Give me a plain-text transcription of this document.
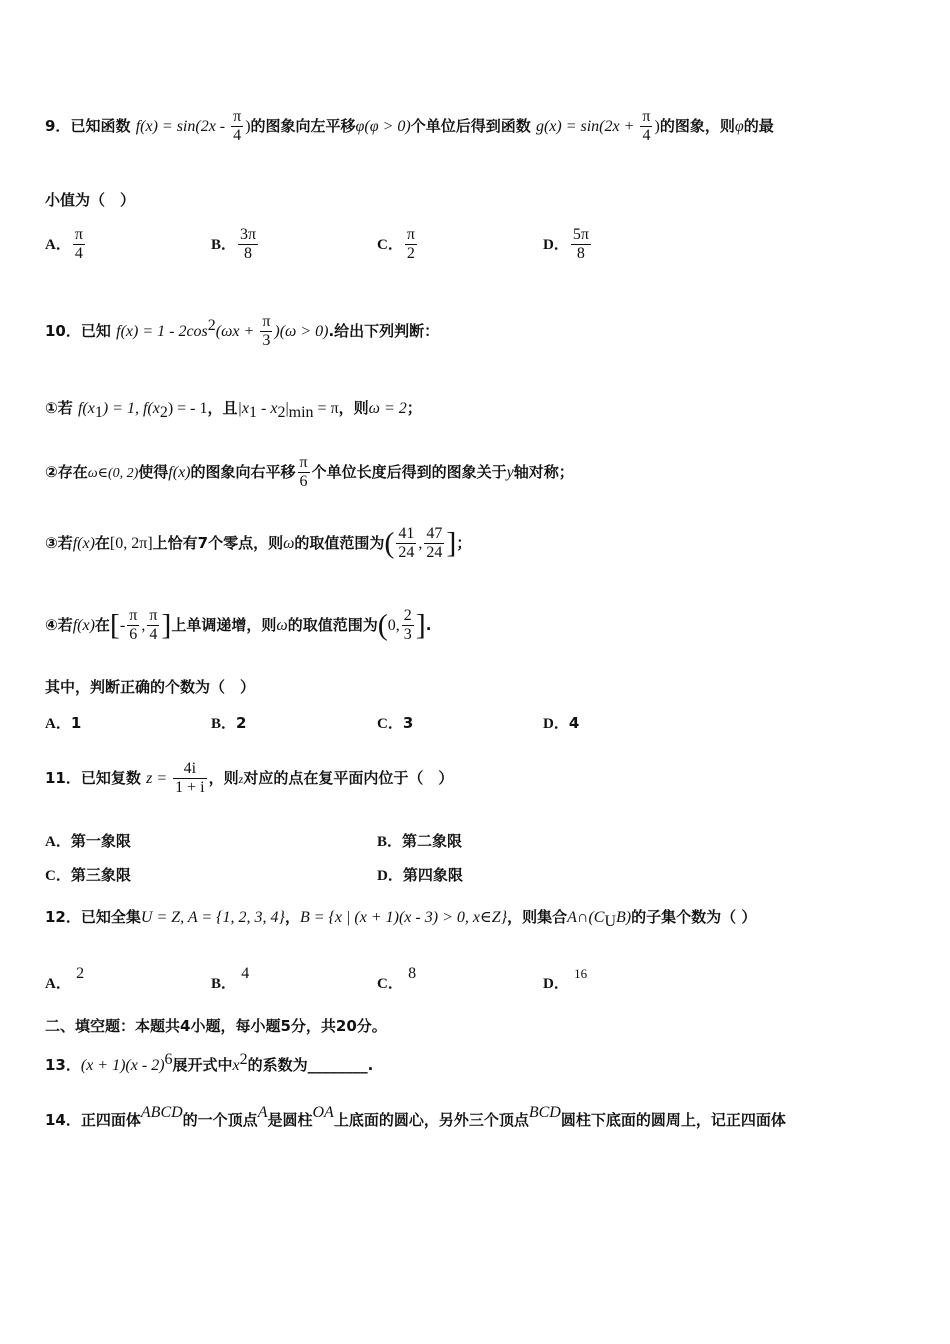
9．已知函数 $f(x) = \sin(2x - \frac{\pi}{4}$ )的图象向左平移φ(φ > 0)个单位后得到函数 $g(x) = \sin(2x + \frac{\pi}{4}$ )的图象，则φ的最
小值为（　）
A． $\frac{\pi}{4}$	B． $\frac{3\pi}{8}$	C． $\frac{\pi}{2}$	D． $\frac{5\pi}{8}$
10．已知 $f(x) = 1 - 2\cos^2(\omega x + \frac{\pi}{3} )(\omega > 0)$.给出下列判断：
①若 $f(x_1) = 1$, $f(x_2)$ = - 1，且$|x_1 - x_2|_{min} = \pi$，则ω = 2；
②存在ω∈(0, 2)使得f(x)的图象向右平移 $\frac{\pi}{6}$ 个单位长度后得到的图象关于y轴对称；
③若f(x)在[0, 2π]上恰有7个零点，则ω的取值范围为( $\frac{41}{24}$ , $\frac{47}{24}$ ]；
④若f(x)在[- $\frac{\pi}{6}$ , $\frac{\pi}{4}$ ]上单调递增，则ω的取值范围为(0, $\frac{2}{3}$ ].
其中，判断正确的个数为（　）
A．1	B．2	C．3	D．4
11．已知复数 $z = \frac{4i}{1 + i}$ ，则z对应的点在复平面内位于（　）
A．第一象限	B．第二象限
C．第三象限	D．第四象限
12．已知全集U = Z, A = {1, 2, 3, 4}，B = {x | (x + 1)(x - 3) > 0, x∈Z}，则集合$A\cap(C_UB)$的子集个数为（ ）
A． 2
B． 4
C． 8
D． 16
二、填空题：本题共4小题，每小题5分，共20分。
13．(x + 1)(x - 2)$^6$展开式中$x^2$的系数为________.
14．正四面体ABCD的一个顶点A是圆柱OA上底面的圆心，另外三个顶点BCD圆柱下底面的圆周上，记正四面体
